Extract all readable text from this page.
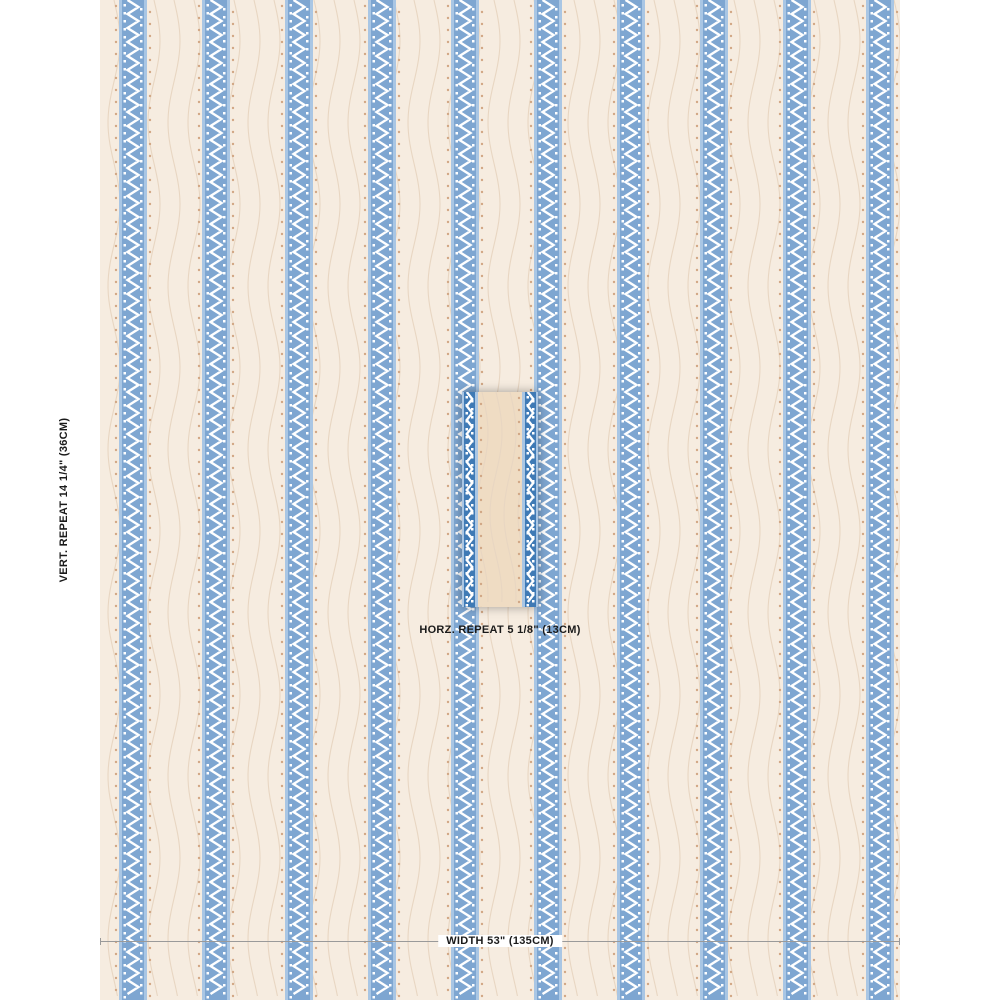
HORZ. REPEAT 5 1/8" (13CM)
VERT. REPEAT 14 1/4" (36CM)
WIDTH 53" (135CM)
